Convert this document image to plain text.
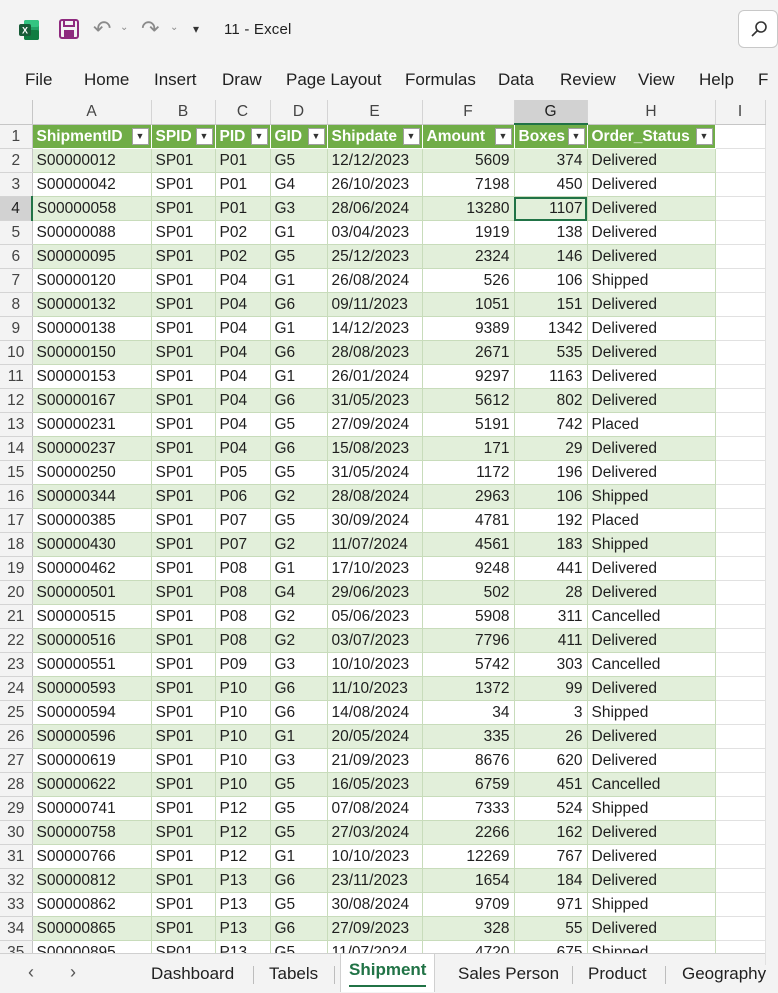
X	↶ ⌄ ↷ ⌄ ▾ 11 - Excel
File Home Insert Draw Page Layout Formulas Data Review View Help F
	A	B	C	D	E	F	G	H	I
1	ShipmentID ▼	SPID ▼	PID ▼	GID ▼	Shipdate ▼	Amount ▼	Boxes ▼	Order_Status ▼	

2	S00000012	SP01	P01	G5	12/12/2023	5609	374	Delivered	
3	S00000042	SP01	P01	G4	26/10/2023	7198	450	Delivered	
4	S00000058	SP01	P01	G3	28/06/2024	13280	1107	Delivered	
5	S00000088	SP01	P02	G1	03/04/2023	1919	138	Delivered	
6	S00000095	SP01	P02	G5	25/12/2023	2324	146	Delivered	
7	S00000120	SP01	P04	G1	26/08/2024	526	106	Shipped	
8	S00000132	SP01	P04	G6	09/11/2023	1051	151	Delivered	
9	S00000138	SP01	P04	G1	14/12/2023	9389	1342	Delivered	
10	S00000150	SP01	P04	G6	28/08/2023	2671	535	Delivered	
11	S00000153	SP01	P04	G1	26/01/2024	9297	1163	Delivered	
12	S00000167	SP01	P04	G6	31/05/2023	5612	802	Delivered	
13	S00000231	SP01	P04	G5	27/09/2024	5191	742	Placed	
14	S00000237	SP01	P04	G6	15/08/2023	171	29	Delivered	
15	S00000250	SP01	P05	G5	31/05/2024	1172	196	Delivered	
16	S00000344	SP01	P06	G2	28/08/2024	2963	106	Shipped	
17	S00000385	SP01	P07	G5	30/09/2024	4781	192	Placed	
18	S00000430	SP01	P07	G2	11/07/2024	4561	183	Shipped	
19	S00000462	SP01	P08	G1	17/10/2023	9248	441	Delivered	
20	S00000501	SP01	P08	G4	29/06/2023	502	28	Delivered	
21	S00000515	SP01	P08	G2	05/06/2023	5908	311	Cancelled	
22	S00000516	SP01	P08	G2	03/07/2023	7796	411	Delivered	
23	S00000551	SP01	P09	G3	10/10/2023	5742	303	Cancelled	
24	S00000593	SP01	P10	G6	11/10/2023	1372	99	Delivered	
25	S00000594	SP01	P10	G6	14/08/2024	34	3	Shipped	
26	S00000596	SP01	P10	G1	20/05/2024	335	26	Delivered	
27	S00000619	SP01	P10	G3	21/09/2023	8676	620	Delivered	
28	S00000622	SP01	P10	G5	16/05/2023	6759	451	Cancelled	
29	S00000741	SP01	P12	G5	07/08/2024	7333	524	Shipped	
30	S00000758	SP01	P12	G5	27/03/2024	2266	162	Delivered	
31	S00000766	SP01	P12	G1	10/10/2023	12269	767	Delivered	
32	S00000812	SP01	P13	G6	23/11/2023	1654	184	Delivered	
33	S00000862	SP01	P13	G5	30/08/2024	9709	971	Shipped	
34	S00000865	SP01	P13	G6	27/09/2023	328	55	Delivered	

‹ ›	Dashboard Tabels	Shipment	Sales Person Product Geography
